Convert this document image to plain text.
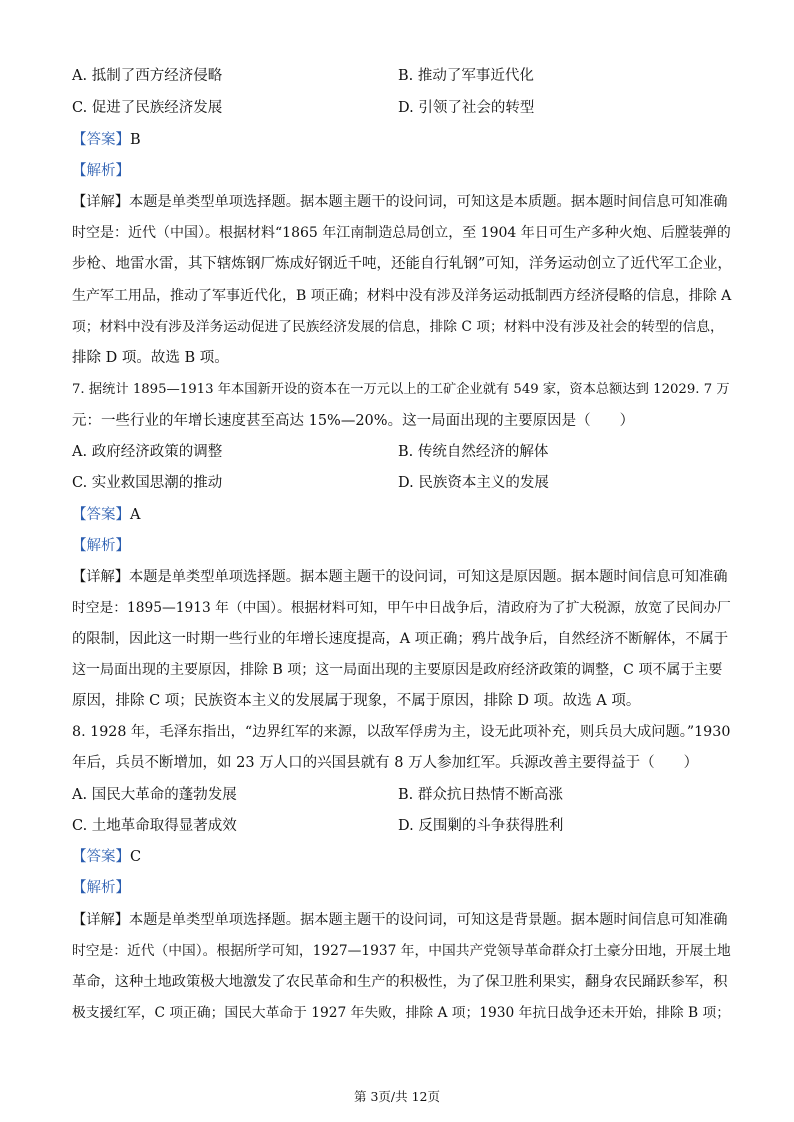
A. 抵制了西方经济侵略	B. 推动了军事近代化
C. 促进了民族经济发展	D. 引领了社会的转型
【答案】B
【解析】
【详解】本题是单类型单项选择题。据本题主题干的设问词，可知这是本质题。据本题时间信息可知准确
时空是：近代（中国）。根据材料“1865 年江南制造总局创立，至 1904 年日可生产多种火炮、后膛装弹的
步枪、地雷水雷，其下辖炼钢厂炼成好钢近千吨，还能自行轧钢”可知，洋务运动创立了近代军工企业，
生产军工用品，推动了军事近代化，B 项正确；材料中没有涉及洋务运动抵制西方经济侵略的信息，排除 A
项；材料中没有涉及洋务运动促进了民族经济发展的信息，排除 C 项；材料中没有涉及社会的转型的信息，
排除 D 项。故选 B 项。
7. 据统计 1895—1913 年本国新开设的资本在一万元以上的工矿企业就有 549 家，资本总额达到 12029. 7 万
元：一些行业的年增长速度甚至高达 15%—20%。这一局面出现的主要原因是（　　）
A. 政府经济政策的调整	B. 传统自然经济的解体
C. 实业救国思潮的推动	D. 民族资本主义的发展
【答案】A
【解析】
【详解】本题是单类型单项选择题。据本题主题干的设问词，可知这是原因题。据本题时间信息可知准确
时空是：1895—1913 年（中国）。根据材料可知，甲午中日战争后，清政府为了扩大税源，放宽了民间办厂
的限制，因此这一时期一些行业的年增长速度提高，A 项正确；鸦片战争后，自然经济不断解体，不属于
这一局面出现的主要原因，排除 B 项；这一局面出现的主要原因是政府经济政策的调整，C 项不属于主要
原因，排除 C 项；民族资本主义的发展属于现象，不属于原因，排除 D 项。故选 A 项。
8. 1928 年，毛泽东指出，“边界红军的来源，以敌军俘虏为主，设无此项补充，则兵员大成问题。”1930
年后，兵员不断增加，如 23 万人口的兴国县就有 8 万人参加红军。兵源改善主要得益于（　　）
A. 国民大革命的蓬勃发展	B. 群众抗日热情不断高涨
C. 土地革命取得显著成效	D. 反围剿的斗争获得胜利
【答案】C
【解析】
【详解】本题是单类型单项选择题。据本题主题干的设问词，可知这是背景题。据本题时间信息可知准确
时空是：近代（中国）。根据所学可知，1927—1937 年，中国共产党领导革命群众打土豪分田地，开展土地
革命，这种土地政策极大地激发了农民革命和生产的积极性，为了保卫胜利果实，翻身农民踊跃参军，积
极支援红军，C 项正确；国民大革命于 1927 年失败，排除 A 项；1930 年抗日战争还未开始，排除 B 项；
第 3页/共 12页
